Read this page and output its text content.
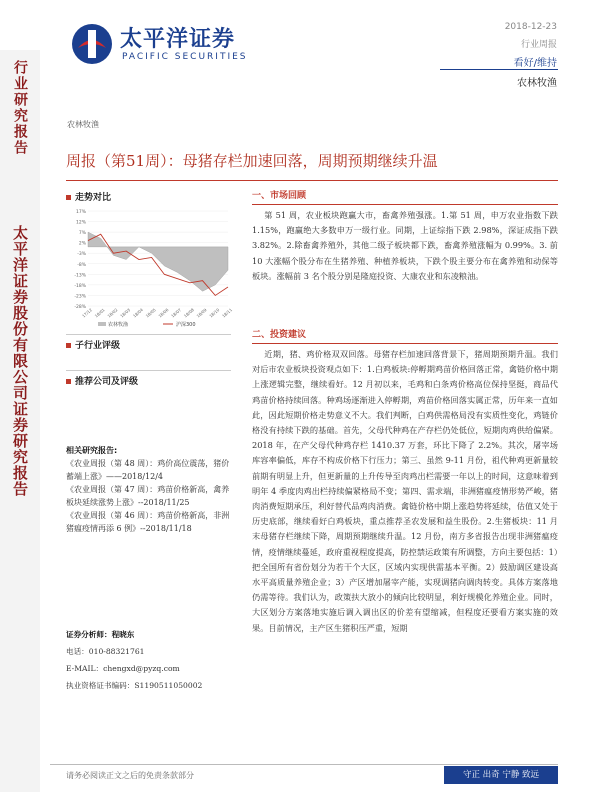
太平洋证券
PACIFIC SECURITIES
2018-12-23
行业周报
看好/维持
农林牧渔
行业研究报告
太平洋证券股份有限公司证券研究报告
农林牧渔
周报（第51周）：母猪存栏加速回落，周期预期继续升温
走势对比
17%
12%
7%
2%
-3%
-8%
-13%
-18%
-23%
-28%
17/12 18/01 18/02 18/03 18/04 18/05 18/06 18/07 18/08 18/09 18/10 18/11
农林牧渔	沪深300
子行业评级
推荐公司及评级
相关研究报告:
《农业周报（第 48 周）：鸡价高位震荡，猪价蓄端上涨》——2018/12/4
《农业周报（第 47 周）：鸡苗价格新高，禽养板块延续涨势上涨》--2018/11/25
《农业周报（第 46 周）：鸡苗价格新高，非洲猪瘟疫情再添 6 例》--2018/11/18
证券分析师：程晓东
电话：010-88321761
E-MAIL：chengxd@pyzq.com
执业资格证书编码：S1190511050002
一、市场回顾
第 51 周，农业板块跑赢大市，畜禽养殖强涨。1.第 51 周，申万农业指数下跌 1.15%，跑赢绝大多数申万一级行业。同期，上证综指下跌 2.98%，深证成指下跌 3.82%。2.除畜禽养殖外，其他二级子板块都下跌，畜禽养殖涨幅为 0.99%。3. 前 10 大涨幅个股分布在生猪养殖、种植养板块，下跌个股主要分布在禽养殖和动保等板块。涨幅前 3 名个股分别是隆庭投资、大康农业和东凌粮油。
二、投资建议
近期，猪、鸡价格双双回落。母猪存栏加速回落背景下，猪周期预期升温。我们对后市农业板块投资观点如下：1.白鸡板块:停孵期鸡苗价格回落正常，禽链价格中期上涨逻辑完整，继续看好。12 月初以来，毛鸡和白条鸡价格高位保持坚挺，商品代鸡苗价格持续回落。种鸡场逐渐进入停孵期，鸡苗价格回落实属正常，历年来一直如此，因此短期价格走势意义不大。我们判断，白鸡供需格局没有实质性变化，鸡链价格没有持续下跌的基础。首先，父母代种鸡在产存栏仍处低位，短期肉鸡供给偏紧。2018 年，在产父母代种鸡存栏 1410.37 万套，环比下降了 2.2%。其次，屠宰场库容率偏低，库存不构成价格下行压力；第三、虽然 9-11 月份，祖代种鸡更新量较前期有明显上升，但更新量的上升传导至肉鸡出栏需要一年以上的时间，这意味着到明年 4 季度肉鸡出栏持续偏紧格局不变；第四、需求端，非洲猪瘟疫情形势严峻，猪肉消费短期承压，利好替代品鸡肉消费。禽链价格中期上涨趋势将延续，估值又处于历史底部，继续看好白鸡板块，重点推荐圣农发展和益生股份。2.生猪板块：11 月末母猪存栏继续下降，周期预期继续升温。12 月份，南方多省报告出现非洲猪瘟疫情，疫情继续蔓延，政府重视程度提高，防控禁运政策有所调整，方向主要包括：1）把全国所有省份划分为若干个大区，区域内实现供需基本平衡。2）鼓励调区建设高水平高质量养殖企业；3）产区增加屠宰产能，实现调猪向调肉转变。具体方案落地仍需等待。我们认为，政策扶大放小的倾向比较明显，利好规模化养殖企业。同时，大区划分方案落地实施后调入调出区的价差有望缩减，但程度还要看方案实施的效果。目前情况，主产区生猪积压严重，短期
请务必阅读正文之后的免责条款部分	守正 出奇 宁静 致远
